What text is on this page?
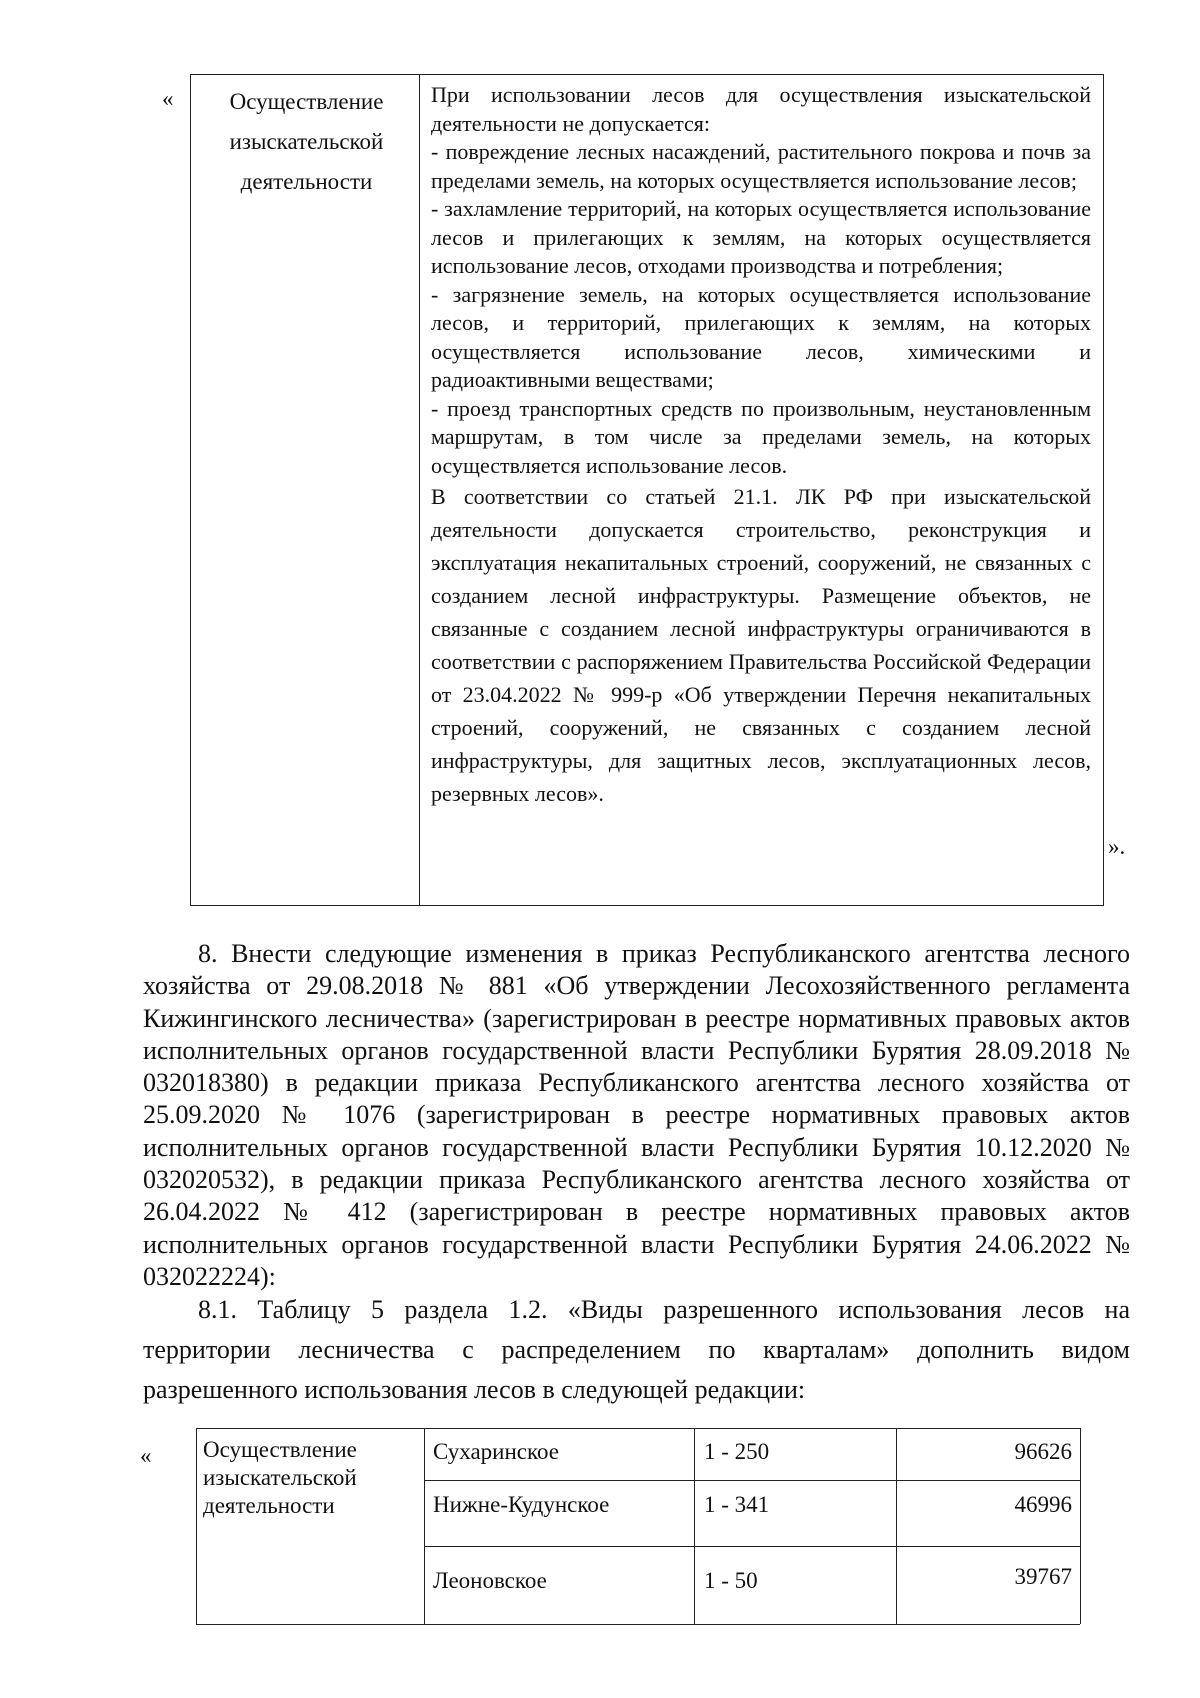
«	Осуществление
изыскательской
деятельности

При использовании лесов для осуществления изыскательской деятельности не допускается:

- повреждение лесных насаждений, растительного покрова и почв за пределами земель, на которых осуществляется использование лесов;

- захламление территорий, на которых осуществляется использование лесов и прилегающих к землям, на которых осуществляется использование лесов, отходами производства и потребления;

- загрязнение земель, на которых осуществляется использование лесов, и территорий, прилегающих к землям, на которых осуществляется использование лесов, химическими и радиоактивными веществами;

- проезд транспортных средств по произвольным, неустановленным маршрутам, в том числе за пределами земель, на которых осуществляется использование лесов.

В соответствии со статьей 21.1. ЛК РФ при изыскательской деятельности допускается строительство, реконструкция и эксплуатация некапитальных строений, сооружений, не связанных с созданием лесной инфраструктуры. Размещение объектов, не связанные с созданием лесной инфраструктуры ограничиваются в соответствии с распоряжением Правительства Российской Федерации от 23.04.2022 № 999-р «Об утверждении Перечня некапитальных строений, сооружений, не связанных с созданием лесной инфраструктуры, для защитных лесов, эксплуатационных лесов, резервных лесов».

».

8. Внести следующие изменения в приказ Республиканского агентства лесного хозяйства от 29.08.2018 № 881 «Об утверждении Лесохозяйственного регламента Кижингинского лесничества» (зарегистрирован в реестре нормативных правовых актов исполнительных органов государственной власти Республики Бурятия 28.09.2018 № 032018380) в редакции приказа Республиканского агентства лесного хозяйства от 25.09.2020 № 1076 (зарегистрирован в реестре нормативных правовых актов исполнительных органов государственной власти Республики Бурятия 10.12.2020 № 032020532), в редакции приказа Республиканского агентства лесного хозяйства от 26.04.2022 № 412 (зарегистрирован в реестре нормативных правовых актов исполнительных органов государственной власти Республики Бурятия 24.06.2022 № 032022224):

8.1. Таблицу 5 раздела 1.2. «Виды разрешенного использования лесов на территории лесничества с распределением по кварталам» дополнить видом разрешенного использования лесов в следующей редакции:

« Осуществление
изыскательской
деятельности
Сухаринское	1 - 250	96626
Нижне-Кудунское	1 - 341	46996
Леоновское	1 - 50	39767
